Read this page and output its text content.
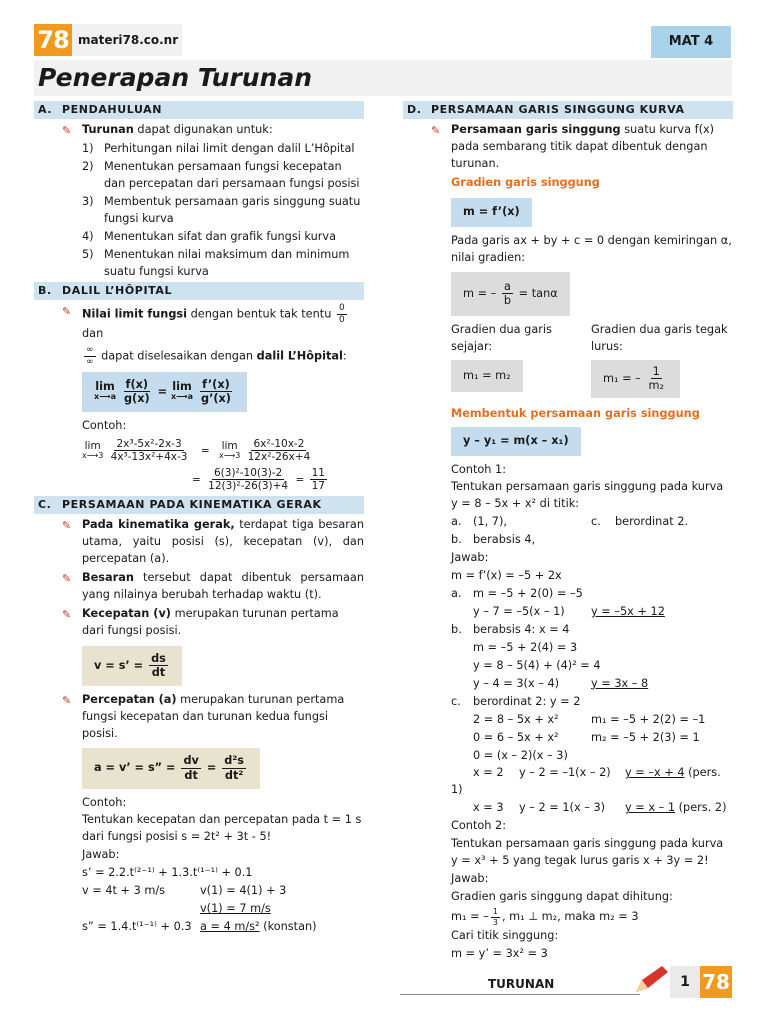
78 materi78.co.nr	MAT 4
Penerapan Turunan
A. PENDAHULUAN

✎ Turunan dapat digunakan untuk:

1) Perhitungan nilai limit dengan dalil L’Hôpital
2) Menentukan persamaan fungsi kecepatan dan percepatan dari persamaan fungsi posisi
3) Membentuk persamaan garis singgung suatu fungsi kurva
4) Menentukan sifat dan grafik fungsi kurva
5) Menentukan nilai maksimum dan minimum suatu fungsi kurva
B. DALIL L’HÔPITAL

✎ Nilai limit fungsi dengan bentuk tak tentu $\frac{0}{0}$
dan

$\frac{\infty}{\infty}$ dapat diselesaikan dengan dalil L’Hôpital:

lim
x⟶a
$\frac{f(x)}{g(x)} = \lim$
x⟶a
$\frac{f’(x)}{g’(x)}$

Contoh:

lim
x⟶3
$\frac{\text{2x³-5x²-2x-3}}{\text{4x³-13x²+4x-3}} = \lim$
x⟶3
$\frac{\text{6x²-10x-2}}{\text{12x²-26x+4}}$
= $\frac{\text{6(3)²-10(3)-2}}{\text{12(3)²-26(3)+4}} = \frac{11}{17}$
C. PERSAMAAN PADA KINEMATIKA GERAK

✎ Pada kinematika gerak, terdapat tiga besaran utama, yaitu posisi (s), kecepatan (v), dan percepatan (a).

✎ Besaran tersebut dapat dibentuk persamaan yang nilainya berubah terhadap waktu (t).

✎ Kecepatan (v) merupakan turunan pertama dari fungsi posisi.

v = s’ = $\frac{ds}{dt}$

✎ Percepatan (a) merupakan turunan pertama fungsi kecepatan dan turunan kedua fungsi posisi.

a = v’ = s” = $\frac{dv}{dt} = \frac{\text{d²s}}{\text{dt²}}$

Contoh:

Tentukan kecepatan dan percepatan pada t = 1 s dari fungsi posisi s = 2t² + 3t - 5!

Jawab:

s’ = 2.2.t⁽²⁻¹⁾ + 1.3.t⁽¹⁻¹⁾ + 0.1

v = 4t + 3 m/s	v(1) = 4(1) + 3

v(1) = 7 m/s

s” = 1.4.t⁽¹⁻¹⁾ + 0.3 a = 4 m/s² (konstan)

D. PERSAMAAN GARIS SINGGUNG KURVA

✎ Persamaan garis singgung suatu kurva f(x) pada sembarang titik dapat dibentuk dengan turunan.

Gradien garis singgung

m = f’(x)

Pada garis ax + by + c = 0 dengan kemiringan α, nilai gradien:

m = – $\frac{a}{b} = \tan\alpha$

Gradien dua garis sejajar:

m₁ = m₂

Gradien dua garis tegak lurus:

m₁ = – $\frac{1}{\text{m₂}}$

Membentuk persamaan garis singgung

y – y₁ = m(x – x₁)

Contoh 1:

Tentukan persamaan garis singgung pada kurva y = 8 – 5x + x² di titik:

a. (1, 7),	c. berordinat 2.

b. berabsis 4,

Jawab:

m = f’(x) = –5 + 2x

a. m = –5 + 2(0) = –5

y – 7 = –5(x – 1) y = –5x + 12

b. berabsis 4: x = 4

m = –5 + 2(4) = 3

y = 8 – 5(4) + (4)² = 4

y – 4 = 3(x – 4)	y = 3x – 8

c. berordinat 2: y = 2

2 = 8 – 5x + x²	m₁ = –5 + 2(2) = –1

0 = 6 – 5x + x²	m₂ = –5 + 2(3) = 1

0 = (x – 2)(x – 3)

x = 2 y – 2 = –1(x – 2) y = –x + 4 (pers. 1)

x = 3 y – 2 = 1(x – 3) y = x – 1 (pers. 2)

Contoh 2:

Tentukan persamaan garis singgung pada kurva y = x³ + 5 yang tegak lurus garis x + 3y = 2!

Jawab:

Gradien garis singgung dapat dihitung:

m₁ = – $\frac{1}{3}$ , m₁ ⊥ m₂, maka m₂ = 3

Cari titik singgung:

m = y’ = 3x² = 3

TURUNAN	1 78
